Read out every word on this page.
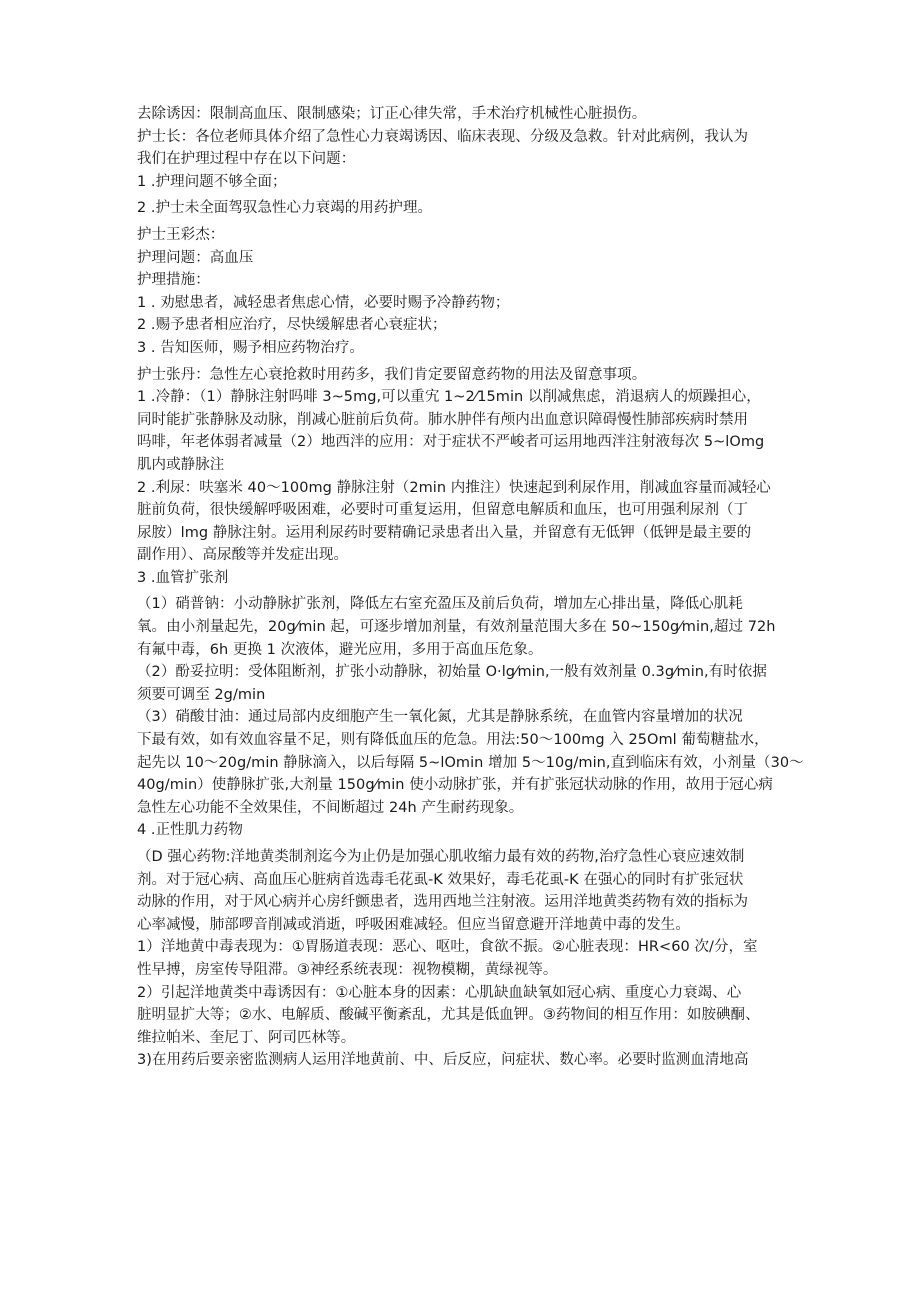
去除诱因：限制高血压、限制感染；订正心律失常，手术治疗机械性心脏损伤。
护士长：各位老师具体介绍了急性心力衰竭诱因、临床表现、分级及急救。针对此病例，我认为
我们在护理过程中存在以下问题：
1 .护理问题不够全面；
2 .护士未全面驾驭急性心力衰竭的用药护理。
护士王彩杰：
护理问题：高血压
护理措施：
1 . 劝慰患者，减轻患者焦虑心情，必要时赐予冷静药物；
2 .赐予患者相应治疗，尽快缓解患者心衰症状；
3 . 告知医师，赐予相应药物治疗。
护士张丹：急性左心衰抢救时用药多，我们肯定要留意药物的用法及留意事项。
1 .冷静：（1）静脉注射吗啡 3~5mg,可以重宄 1~2⁄15min 以削减焦虑，消退病人的烦躁担心，
同时能扩张静脉及动脉，削减心脏前后负荷。肺水肿伴有颅内出血意识障碍慢性肺部疾病时禁用
吗啡，年老体弱者减量（2）地西泮的应用：对于症状不严峻者可运用地西泮注射液每次 5~lOmg
肌内或静脉注
2 .利尿：呋塞米 40～100mg 静脉注射（2min 内推注）快速起到利尿作用，削减血容量而减轻心
脏前负荷，很快缓解呼吸困难，必要时可重复运用，但留意电解质和血压，也可用强利尿剂（丁
尿胺）lmg 静脉注射。运用利尿药时要精确记录患者出入量，并留意有无低钾（低钾是最主要的
副作用）、高尿酸等并发症出现。
3 .血管扩张剂
（1）硝普钠：小动静脉扩张剂，降低左右室充盈压及前后负荷，增加左心排出量，降低心肌耗
氧。由小剂量起先，20g⁄min 起，可逐步增加剂量，有效剂量范围大多在 50~150g⁄min,超过 72h
有氟中毒，6h 更换 1 次液体，避光应用，多用于高血压危象。
（2）酚妥拉明：受体阻断剂，扩张小动静脉，初始量 O·lg⁄min,一般有效剂量 0.3g⁄min,有时依据
须要可调至 2g/min
（3）硝酸甘油：通过局部内皮细胞产生一氧化氮，尤其是静脉系统，在血管内容量增加的状况
下最有效，如有效血容量不足，则有降低血压的危急。用法:50～100mg 入 25Oml 葡萄糖盐水，
起先以 10～20g/min 静脉滴入，以后每隔 5~lOmin 增加 5～10g/min,直到临床有效，小剂量（30～
40g/min）使静脉扩张,大剂量 150g⁄min 使小动脉扩张，并有扩张冠状动脉的作用，故用于冠心病
急性左心功能不全效果佳，不间断超过 24h 产生耐药现象。
4 .正性肌力药物
（D 强心药物:洋地黄类制剂迄今为止仍是加强心肌收缩力最有效的药物,治疗急性心衰应速效制
剂。对于冠心病、高血压心脏病首选毒毛花虱-K 效果好，毒毛花虱-K 在强心的同时有扩张冠状
动脉的作用，对于风心病并心房纤颤患者，选用西地兰注射液。运用洋地黄类药物有效的指标为
心率减慢，肺部啰音削减或消逝，呼吸困难减轻。但应当留意避开洋地黄中毒的发生。
1）洋地黄中毒表现为：①胃肠道表现：恶心、呕吐，食欲不振。②心脏表现：HR<60 次/分，室
性早搏，房室传导阻滞。③神经系统表现：视物模糊，黄绿视等。
2）引起洋地黄类中毒诱因有：①心脏本身的因素：心肌缺血缺氧如冠心病、重度心力衰竭、心
脏明显扩大等；②水、电解质、酸碱平衡紊乱，尤其是低血钾。③药物间的相互作用：如胺碘酮、
维拉帕米、奎尼丁、阿司匹林等。
3)在用药后要亲密监测病人运用洋地黄前、中、后反应，问症状、数心率。必要时监测血清地高
